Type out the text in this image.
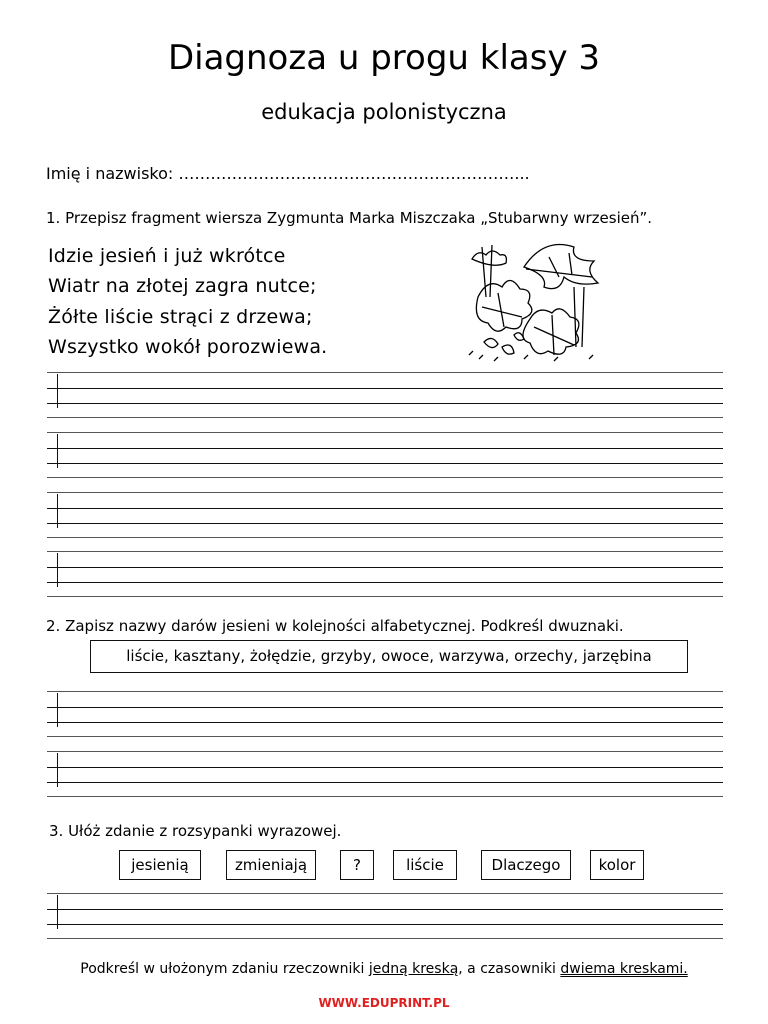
Diagnoza u progu klasy 3
edukacja polonistyczna
Imię i nazwisko: ………………………………………………………...
1. Przepisz fragment wiersza Zygmunta Marka Miszczaka „Stubarwny wrzesień”.
Idzie jesień i już wkrótce
Wiatr na złotej zagra nutce;
Żółte liście strąci z drzewa;
Wszystko wokół porozwiewa.
2. Zapisz nazwy darów jesieni w kolejności alfabetycznej. Podkreśl dwuznaki.
liście, kasztany, żołędzie, grzyby, owoce, warzywa, orzechy, jarzębina
3. Ułóż zdanie z rozsypanki wyrazowej.
jesienią	zmieniają	?	liście	Dlaczego	kolor
Podkreśl w ułożonym zdaniu rzeczowniki jedną kreską, a czasowniki dwiema kreskami.
WWW.EDUPRINT.PL
